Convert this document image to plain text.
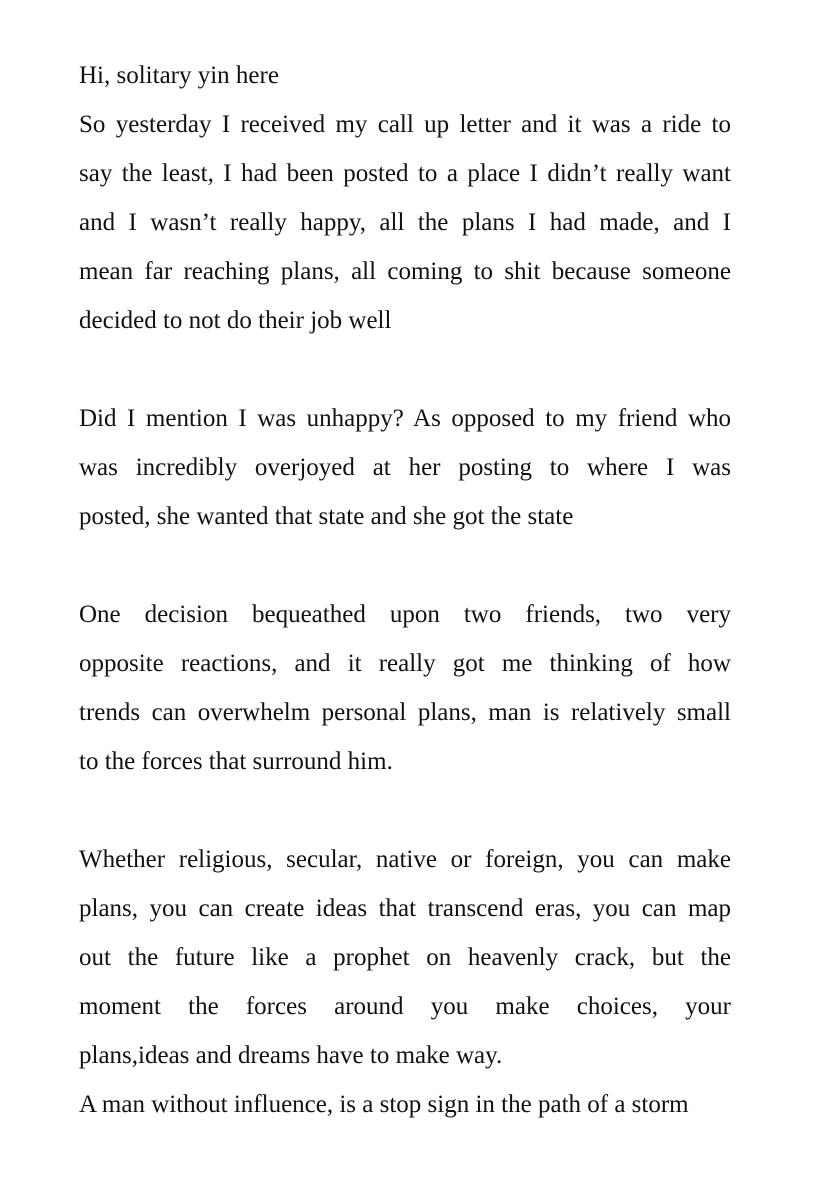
Hi, solitary yin here
So yesterday I received my call up letter and it was a ride to
say the least, I had been posted to a place I didn’t really want
and I wasn’t really happy, all the plans I had made, and I
mean far reaching plans, all coming to shit because someone
decided to not do their job well
Did I mention I was unhappy? As opposed to my friend who
was incredibly overjoyed at her posting to where I was
posted, she wanted that state and she got the state
One decision bequeathed upon two friends, two very
opposite reactions, and it really got me thinking of how
trends can overwhelm personal plans, man is relatively small
to the forces that surround him.
Whether religious, secular, native or foreign, you can make
plans, you can create ideas that transcend eras, you can map
out the future like a prophet on heavenly crack, but the
moment the forces around you make choices, your
plans,ideas and dreams have to make way.
A man without influence, is a stop sign in the path of a storm
